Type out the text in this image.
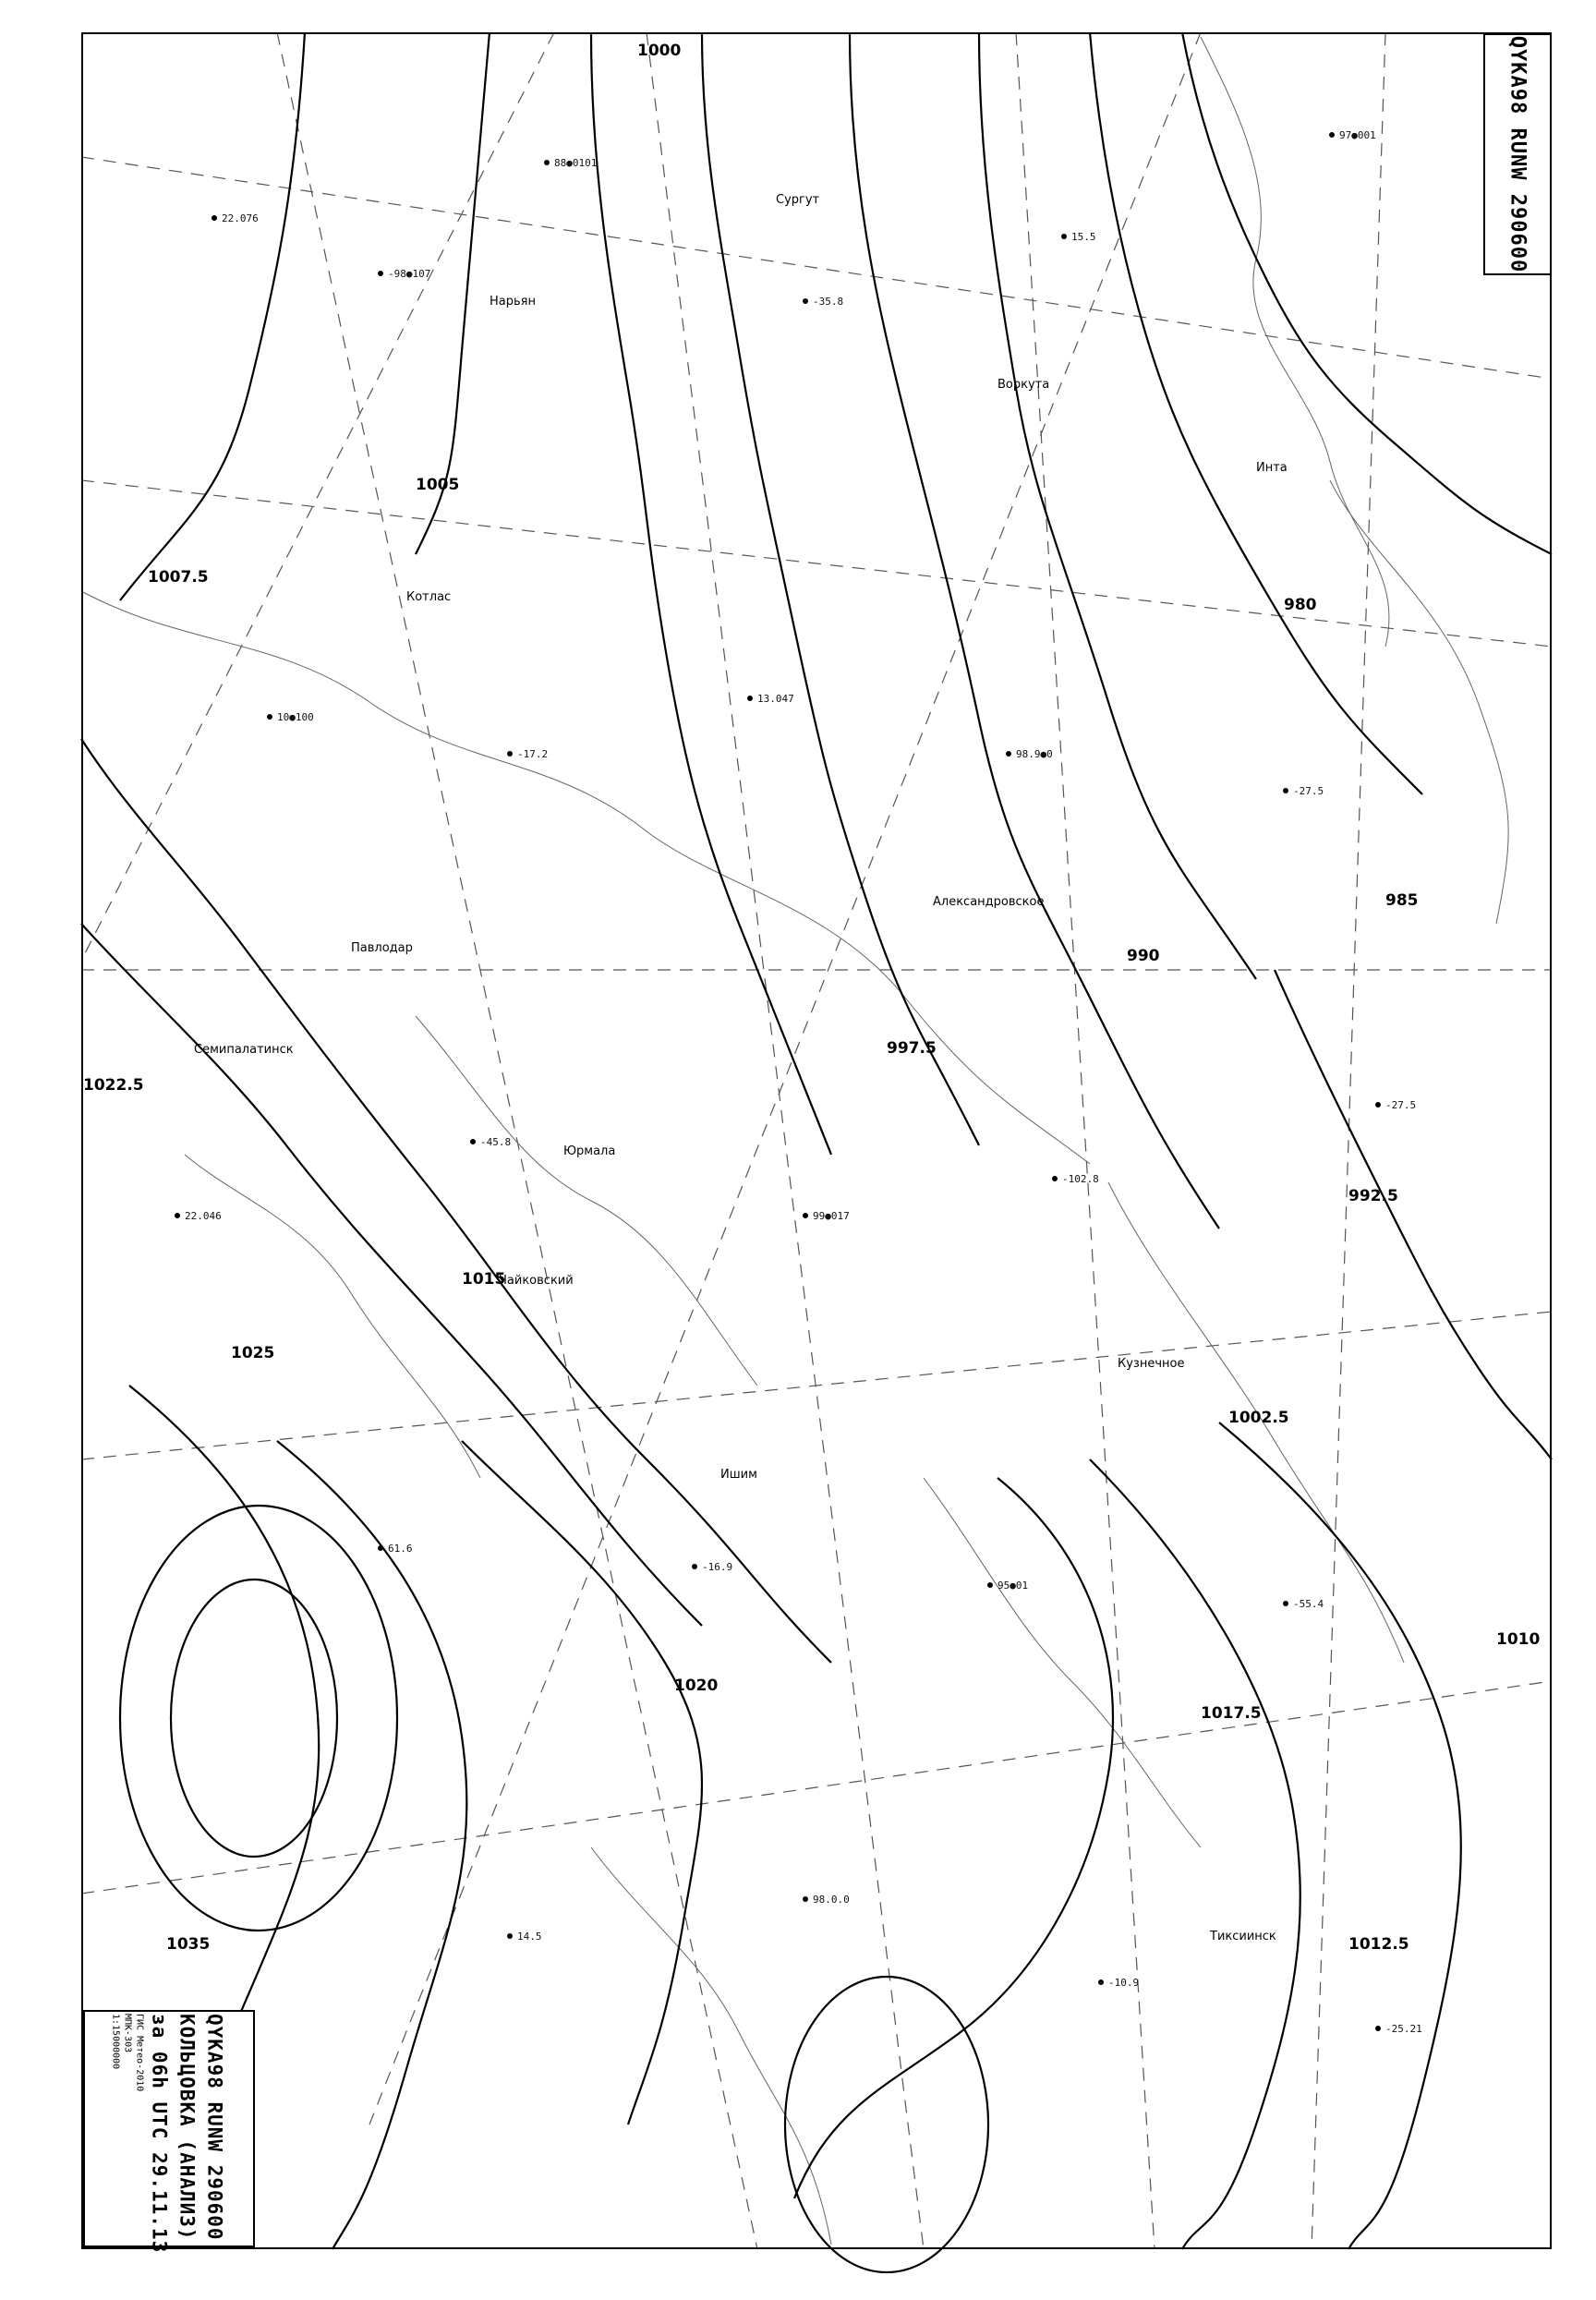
1000
1005
1007.5
980
985
990
992.5
997.5
1002.5
1010
1012.5
1015
1017.5
1020
1022.5
1025
1035
Сургут
Котлас
Чайковский
Воркута
Юрмала
Александровское
Кузнечное
Нарьян
Тиксиинск
Ишим
Павлодар
Семипалатинск
Инта
22.076
-98●107
88●0101
-35.8
15.5
97●001
10●100
-17.2
13.047
98.9●0
-27.5
22.046
-45.8
99●017
-102.8
-27.5
61.6
-16.9
95●01
-55.4
14.5
98.0.0
-10.9
-25.21
QYKA98 RUNW 290600
QYKA98 RUNW 290600
КОЛЬЦОВКА (АНАЛИЗ)
за 06h UTC 29.11.13
ГИС Метео-2010
МПК-303
1:15000000
